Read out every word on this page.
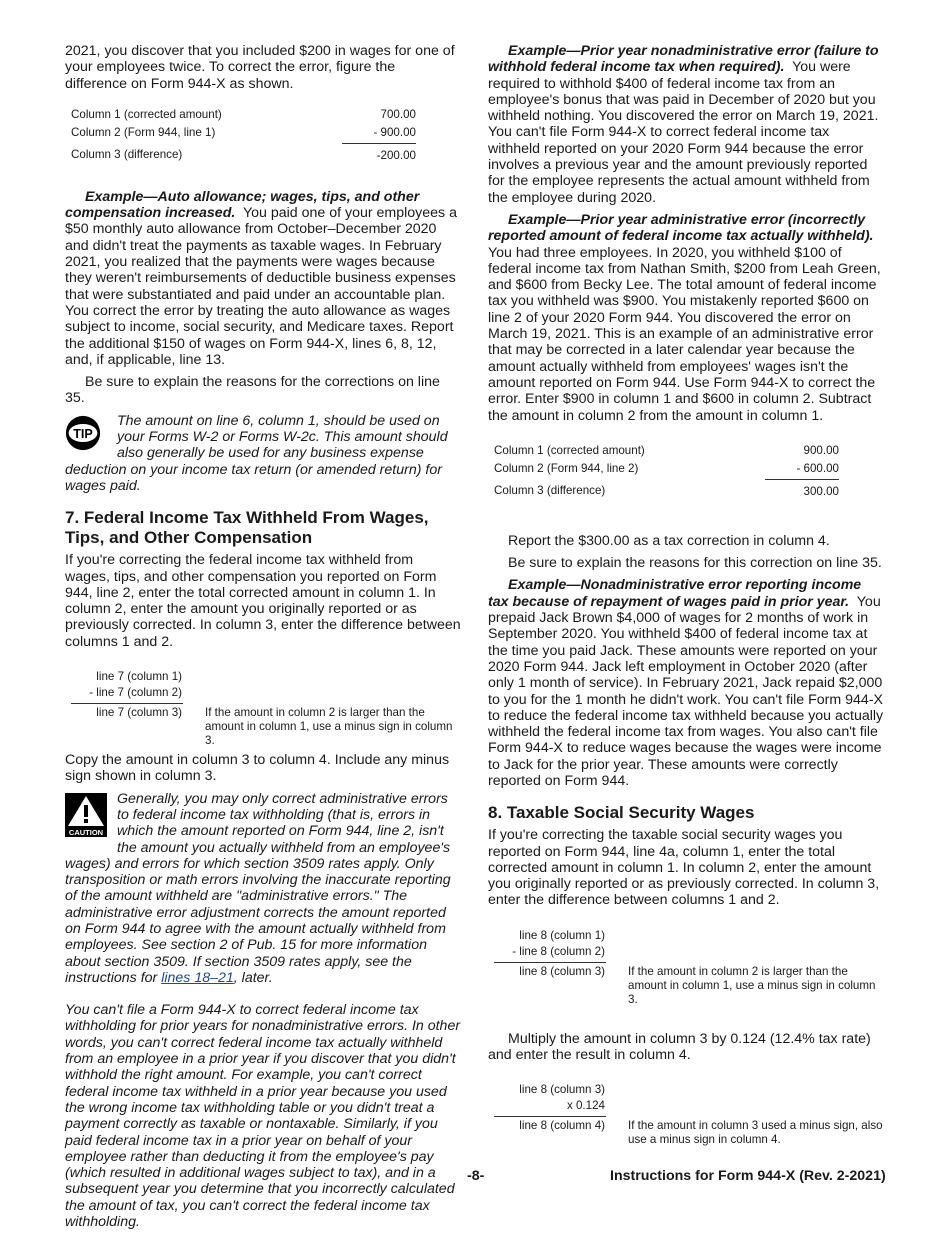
2021, you discover that you included $200 in wages for one of your employees twice. To correct the error, figure the difference on Form 944-X as shown.

Column 1 (corrected amount)	700.00
Column 2 (Form 944, line 1)	- 900.00
Column 3 (difference)	-200.00

Example—Auto allowance; wages, tips, and other compensation increased. You paid one of your employees a $50 monthly auto allowance from October–December 2020 and didn't treat the payments as taxable wages. In February 2021, you realized that the payments were wages because they weren't reimbursements of deductible business expenses that were substantiated and paid under an accountable plan. You correct the error by treating the auto allowance as wages subject to income, social security, and Medicare taxes. Report the additional $150 of wages on Form 944-X, lines 6, 8, 12, and, if applicable, line 13.

Be sure to explain the reasons for the corrections on line 35.

TIP

The amount on line 6, column 1, should be used on your Forms W-2 or Forms W-2c. This amount should also generally be used for any business expense deduction on your income tax return (or amended return) for wages paid.

7. Federal Income Tax Withheld From Wages, Tips, and Other Compensation

If you're correcting the federal income tax withheld from wages, tips, and other compensation you reported on Form 944, line 2, enter the total corrected amount in column 1. In column 2, enter the amount you originally reported or as previously corrected. In column 3, enter the difference between columns 1 and 2.

line 7 (column 1)
- line 7 (column 2)
line 7 (column 3) If the amount in column 2 is larger than the amount in column 1, use a minus sign in column 3.

Copy the amount in column 3 to column 4. Include any minus sign shown in column 3.

CAUTION

Generally, you may only correct administrative errors to federal income tax withholding (that is, errors in which the amount reported on Form 944, line 2, isn't the amount you actually withheld from an employee's wages) and errors for which section 3509 rates apply. Only transposition or math errors involving the inaccurate reporting of the amount withheld are "administrative errors." The administrative error adjustment corrects the amount reported on Form 944 to agree with the amount actually withheld from employees. See section 2 of Pub. 15 for more information about section 3509. If section 3509 rates apply, see the instructions for lines 18–21, later.

You can't file a Form 944-X to correct federal income tax withholding for prior years for nonadministrative errors. In other words, you can't correct federal income tax actually withheld from an employee in a prior year if you discover that you didn't withhold the right amount. For example, you can't correct federal income tax withheld in a prior year because you used the wrong income tax withholding table or you didn't treat a payment correctly as taxable or nontaxable. Similarly, if you paid federal income tax in a prior year on behalf of your employee rather than deducting it from the employee's pay (which resulted in additional wages subject to tax), and in a subsequent year you determine that you incorrectly calculated the amount of tax, you can't correct the federal income tax withholding.

Example—Prior year nonadministrative error (failure to withhold federal income tax when required). You were required to withhold $400 of federal income tax from an employee's bonus that was paid in December of 2020 but you withheld nothing. You discovered the error on March 19, 2021. You can't file Form 944-X to correct federal income tax withheld reported on your 2020 Form 944 because the error involves a previous year and the amount previously reported for the employee represents the actual amount withheld from the employee during 2020.

Example—Prior year administrative error (incorrectly reported amount of federal income tax actually withheld). You had three employees. In 2020, you withheld $100 of federal income tax from Nathan Smith, $200 from Leah Green, and $600 from Becky Lee. The total amount of federal income tax you withheld was $900. You mistakenly reported $600 on line 2 of your 2020 Form 944. You discovered the error on March 19, 2021. This is an example of an administrative error that may be corrected in a later calendar year because the amount actually withheld from employees' wages isn't the amount reported on Form 944. Use Form 944-X to correct the error. Enter $900 in column 1 and $600 in column 2. Subtract the amount in column 2 from the amount in column 1.

Column 1 (corrected amount)	900.00
Column 2 (Form 944, line 2)	- 600.00
Column 3 (difference)	300.00

Report the $300.00 as a tax correction in column 4.

Be sure to explain the reasons for this correction on line 35.

Example—Nonadministrative error reporting income tax because of repayment of wages paid in prior year. You prepaid Jack Brown $4,000 of wages for 2 months of work in September 2020. You withheld $400 of federal income tax at the time you paid Jack. These amounts were reported on your 2020 Form 944. Jack left employment in October 2020 (after only 1 month of service). In February 2021, Jack repaid $2,000 to you for the 1 month he didn't work. You can't file Form 944-X to reduce the federal income tax withheld because you actually withheld the federal income tax from wages. You also can't file Form 944-X to reduce wages because the wages were income to Jack for the prior year. These amounts were correctly reported on Form 944.

8. Taxable Social Security Wages

If you're correcting the taxable social security wages you reported on Form 944, line 4a, column 1, enter the total corrected amount in column 1. In column 2, enter the amount you originally reported or as previously corrected. In column 3, enter the difference between columns 1 and 2.

line 8 (column 1)
- line 8 (column 2)
line 8 (column 3) If the amount in column 2 is larger than the amount in column 1, use a minus sign in column 3.

Multiply the amount in column 3 by 0.124 (12.4% tax rate) and enter the result in column 4.

line 8 (column 3)
x 0.124
line 8 (column 4) If the amount in column 3 used a minus sign, also use a minus sign in column 4.
-8-	Instructions for Form 944-X (Rev. 2-2021)
